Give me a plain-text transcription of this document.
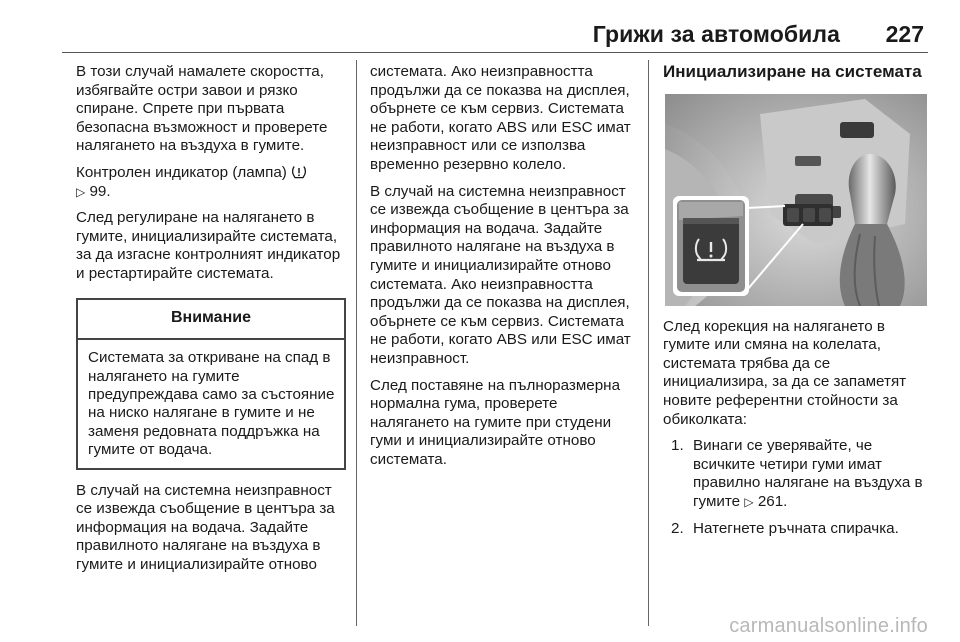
Грижи за автомобила 227

В този случай намалете скоростта, избягвайте остри завои и рязко спиране. Спрете при първата безопасна възможност и проверете налягането на въздуха в гумите.

Контролен индикатор (лампа)
▷ 99.

След регулиране на налягането в гумите, инициализирайте системата, за да изгасне контролният индикатор и рестартирайте системата.

Внимание
Системата за откриване на спад в налягането на гумите предупреждава само за състояние на ниско налягане в гумите и не заменя редовната поддръжка на гумите от водача.

В случай на системна неизправност се извежда съобщение в центъра за информация на водача. Задайте правилното налягане на въздуха в гумите и инициализирайте отново

системата. Ако неизправността продължи да се показва на дисплея, обърнете се към сервиз. Системата не работи, когато ABS или ESC имат неизправност или се използва временно резервно колело.

В случай на системна неизправност се извежда съобщение в центъра за информация на водача. Задайте правилното налягане на въздуха в гумите и инициализирайте отново системата. Ако неизправността продължи да се показва на дисплея, обърнете се към сервиз. Системата не работи, когато ABS или ESC имат неизправност.

След поставяне на пълноразмерна нормална гума, проверете налягането на гумите при студени гуми и инициализирайте отново системата.

Инициализиране на системата

След корекция на налягането в гумите или смяна на колелата, системата трябва да се инициализира, за да се запаметят новите референтни стойности за обиколката:

1. Винаги се уверявайте, че всичките четири гуми имат правилно налягане на въздуха в гумите ▷ 261.
2. Натегнете ръчната спирачка.
carmanualsonline.info
